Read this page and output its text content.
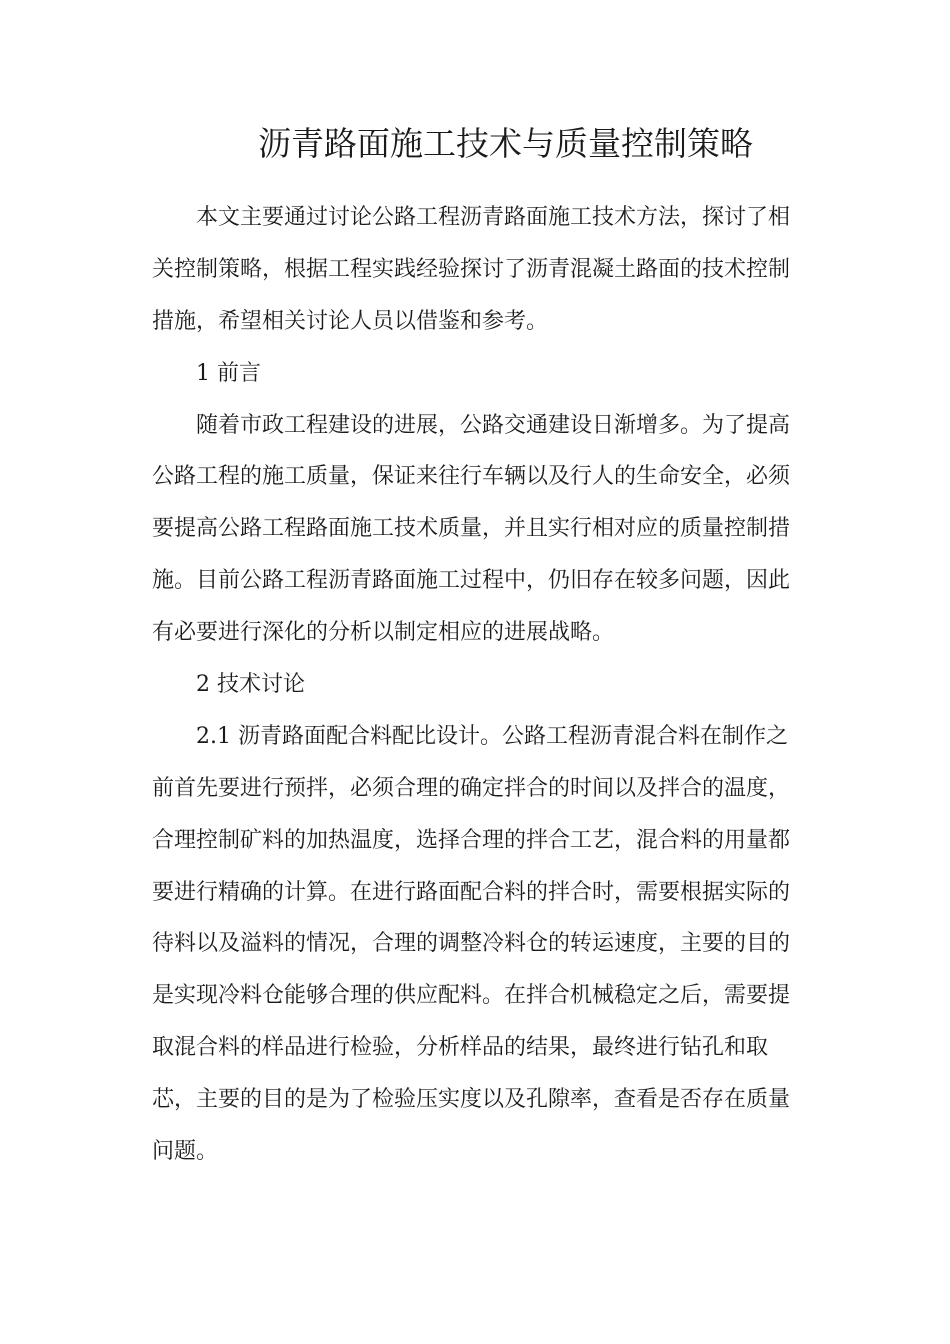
沥青路面施工技术与质量控制策略
本文主要通过讨论公路工程沥青路面施工技术方法，探讨了相
关控制策略，根据工程实践经验探讨了沥青混凝土路面的技术控制
措施，希望相关讨论人员以借鉴和参考。
1 前言
随着市政工程建设的进展，公路交通建设日渐增多。为了提高
公路工程的施工质量，保证来往行车辆以及行人的生命安全，必须
要提高公路工程路面施工技术质量，并且实行相对应的质量控制措
施。目前公路工程沥青路面施工过程中，仍旧存在较多问题，因此
有必要进行深化的分析以制定相应的进展战略。
2 技术讨论
2.1 沥青路面配合料配比设计。公路工程沥青混合料在制作之
前首先要进行预拌，必须合理的确定拌合的时间以及拌合的温度，
合理控制矿料的加热温度，选择合理的拌合工艺，混合料的用量都
要进行精确的计算。在进行路面配合料的拌合时，需要根据实际的
待料以及溢料的情况，合理的调整冷料仓的转运速度，主要的目的
是实现冷料仓能够合理的供应配料。在拌合机械稳定之后，需要提
取混合料的样品进行检验，分析样品的结果，最终进行钻孔和取
芯，主要的目的是为了检验压实度以及孔隙率，查看是否存在质量
问题。
